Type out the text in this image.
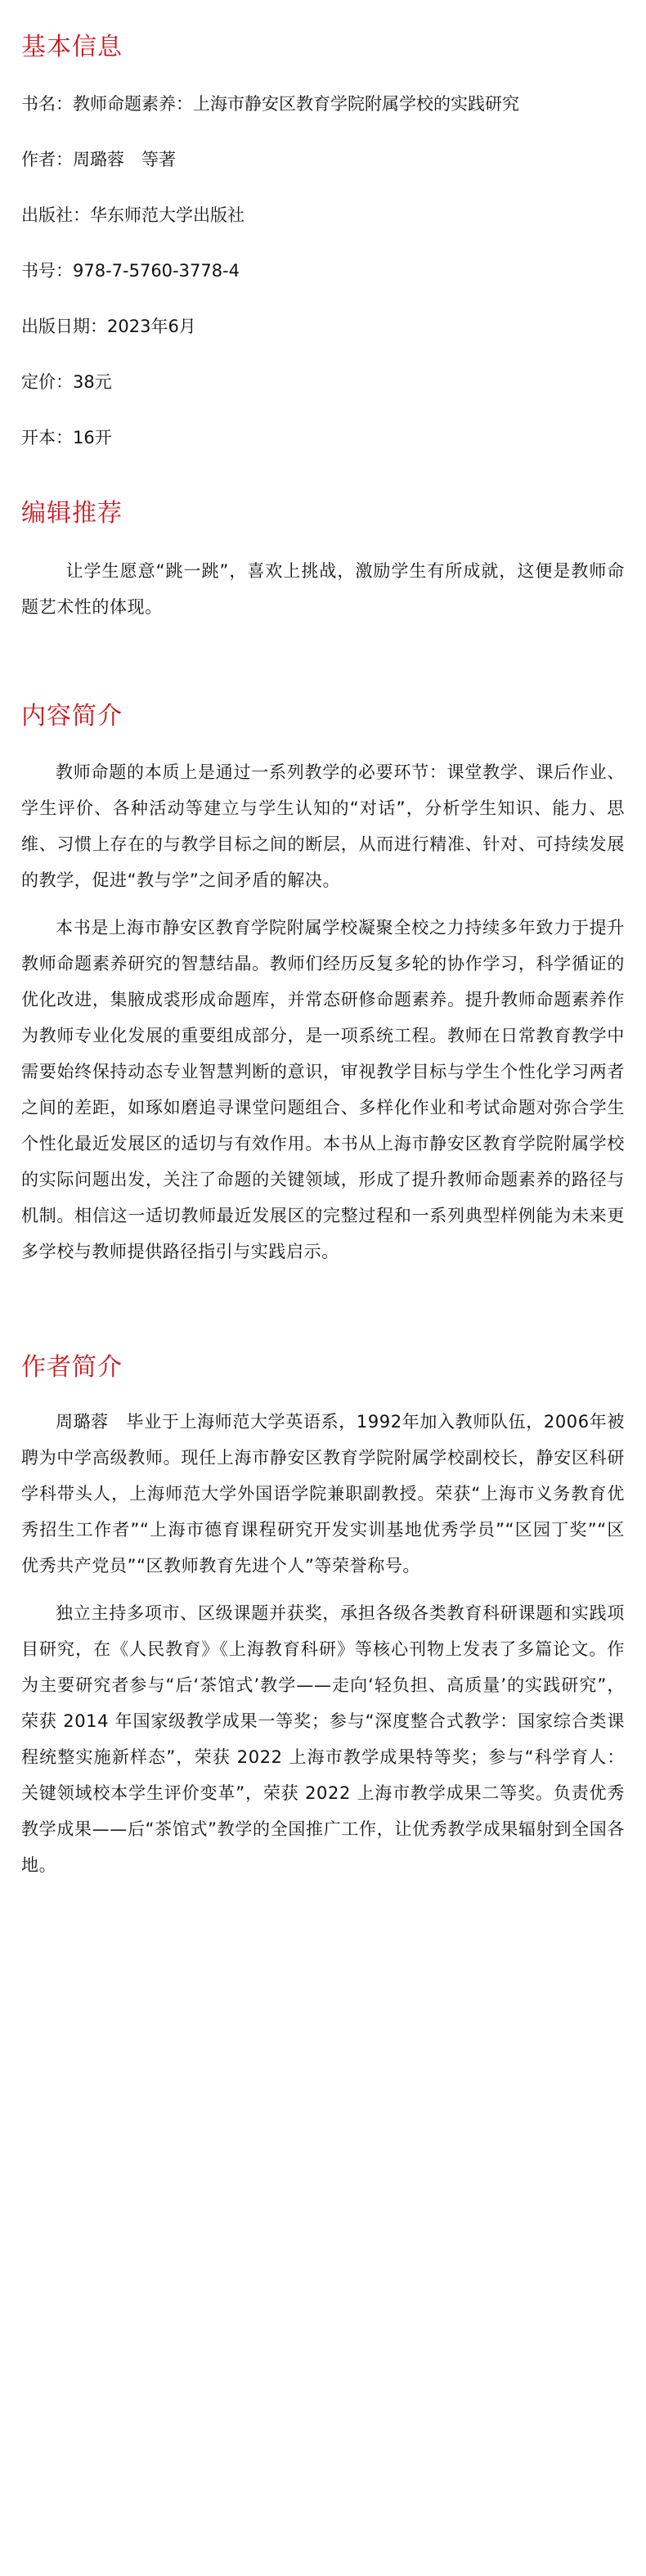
基本信息

书名：教师命题素养：上海市静安区教育学院附属学校的实践研究

作者：周璐蓉　等著

出版社：华东师范大学出版社

书号：978-7-5760-3778-4

出版日期：2023年6月

定价：38元

开本：16开

编辑推荐

让学生愿意“跳一跳”，喜欢上挑战，激励学生有所成就，这便是教师命题艺术性的体现。

内容简介

教师命题的本质上是通过一系列教学的必要环节：课堂教学、课后作业、学生评价、各种活动等建立与学生认知的“对话”，分析学生知识、能力、思维、习惯上存在的与教学目标之间的断层，从而进行精准、针对、可持续发展的教学，促进“教与学”之间矛盾的解决。

本书是上海市静安区教育学院附属学校凝聚全校之力持续多年致力于提升教师命题素养研究的智慧结晶。教师们经历反复多轮的协作学习，科学循证的优化改进，集腋成裘形成命题库，并常态研修命题素养。提升教师命题素养作为教师专业化发展的重要组成部分，是一项系统工程。教师在日常教育教学中需要始终保持动态专业智慧判断的意识，审视教学目标与学生个性化学习两者之间的差距，如琢如磨追寻课堂问题组合、多样化作业和考试命题对弥合学生个性化最近发展区的适切与有效作用。本书从上海市静安区教育学院附属学校的实际问题出发，关注了命题的关键领域，形成了提升教师命题素养的路径与机制。相信这一适切教师最近发展区的完整过程和一系列典型样例能为未来更多学校与教师提供路径指引与实践启示。

作者简介

周璐蓉　毕业于上海师范大学英语系，1992年加入教师队伍，2006年被聘为中学高级教师。现任上海市静安区教育学院附属学校副校长，静安区科研学科带头人，上海师范大学外国语学院兼职副教授。荣获“上海市义务教育优秀招生工作者”“上海市德育课程研究开发实训基地优秀学员”“区园丁奖”“区优秀共产党员”“区教师教育先进个人”等荣誉称号。

独立主持多项市、区级课题并获奖，承担各级各类教育科研课题和实践项目研究，在《人民教育》《上海教育科研》等核心刊物上发表了多篇论文。作为主要研究者参与“后‘茶馆式’教学——走向‘轻负担、高质量’的实践研究”，荣获 2014 年国家级教学成果一等奖；参与“深度整合式教学：国家综合类课程统整实施新样态”，荣获 2022 上海市教学成果特等奖；参与“科学育人：关键领域校本学生评价变革”，荣获 2022 上海市教学成果二等奖。负责优秀教学成果——后“茶馆式”教学的全国推广工作，让优秀教学成果辐射到全国各地。
